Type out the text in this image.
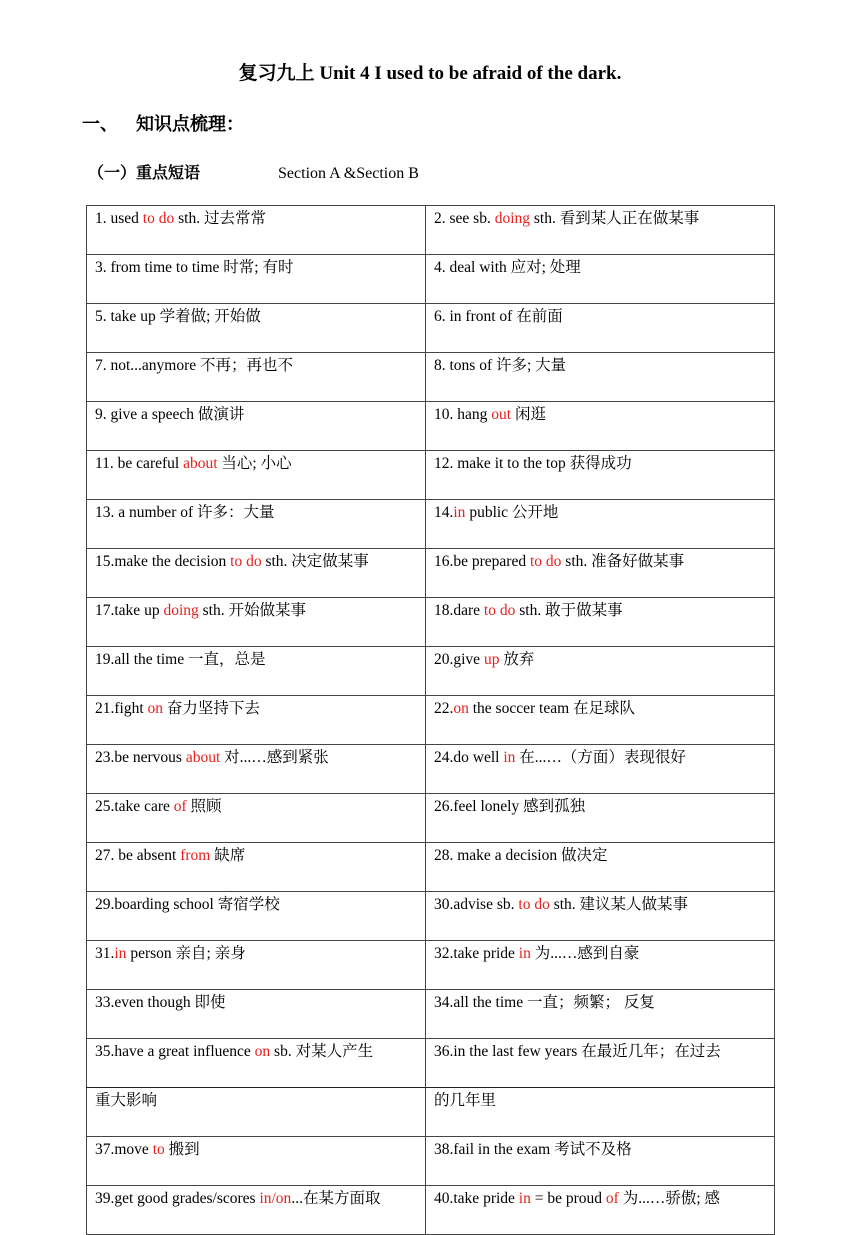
复习九上 Unit 4 I used to be afraid of the dark.
一、 知识点梳理：
（一）重点短语	Section A &Section B
1. used to do sth. 过去常常	2. see sb. doing sth. 看到某人正在做某事
3. from time to time 时常; 有时	4. deal with 应对; 处理
5. take up 学着做; 开始做	6. in front of 在前面
7. not...anymore 不再；再也不	8. tons of 许多; 大量
9. give a speech 做演讲	10. hang out 闲逛
11. be careful about 当心; 小心	12. make it to the top 获得成功
13. a number of 许多：大量	14.in public 公开地
15.make the decision to do sth. 决定做某事	16.be prepared to do sth. 准备好做某事
17.take up doing sth. 开始做某事	18.dare to do sth. 敢于做某事
19.all the time 一直，总是	20.give up 放弃
21.fight on 奋力坚持下去	22.on the soccer team 在足球队
23.be nervous about 对...…感到紧张	24.do well in 在...…（方面）表现很好
25.take care of 照顾	26.feel lonely 感到孤独
27. be absent from 缺席	28. make a decision 做决定
29.boarding school 寄宿学校	30.advise sb. to do sth. 建议某人做某事
31.in person 亲自; 亲身	32.take pride in 为...…感到自豪
33.even though 即使	34.all the time 一直；频繁； 反复
35.have a great influence on sb. 对某人产生	36.in the last few years 在最近几年；在过去
重大影响	的几年里
37.move to 搬到	38.fail in the exam 考试不及格
39.get good grades/scores in/on...在某方面取	40.take pride in = be proud of 为...…骄傲; 感
